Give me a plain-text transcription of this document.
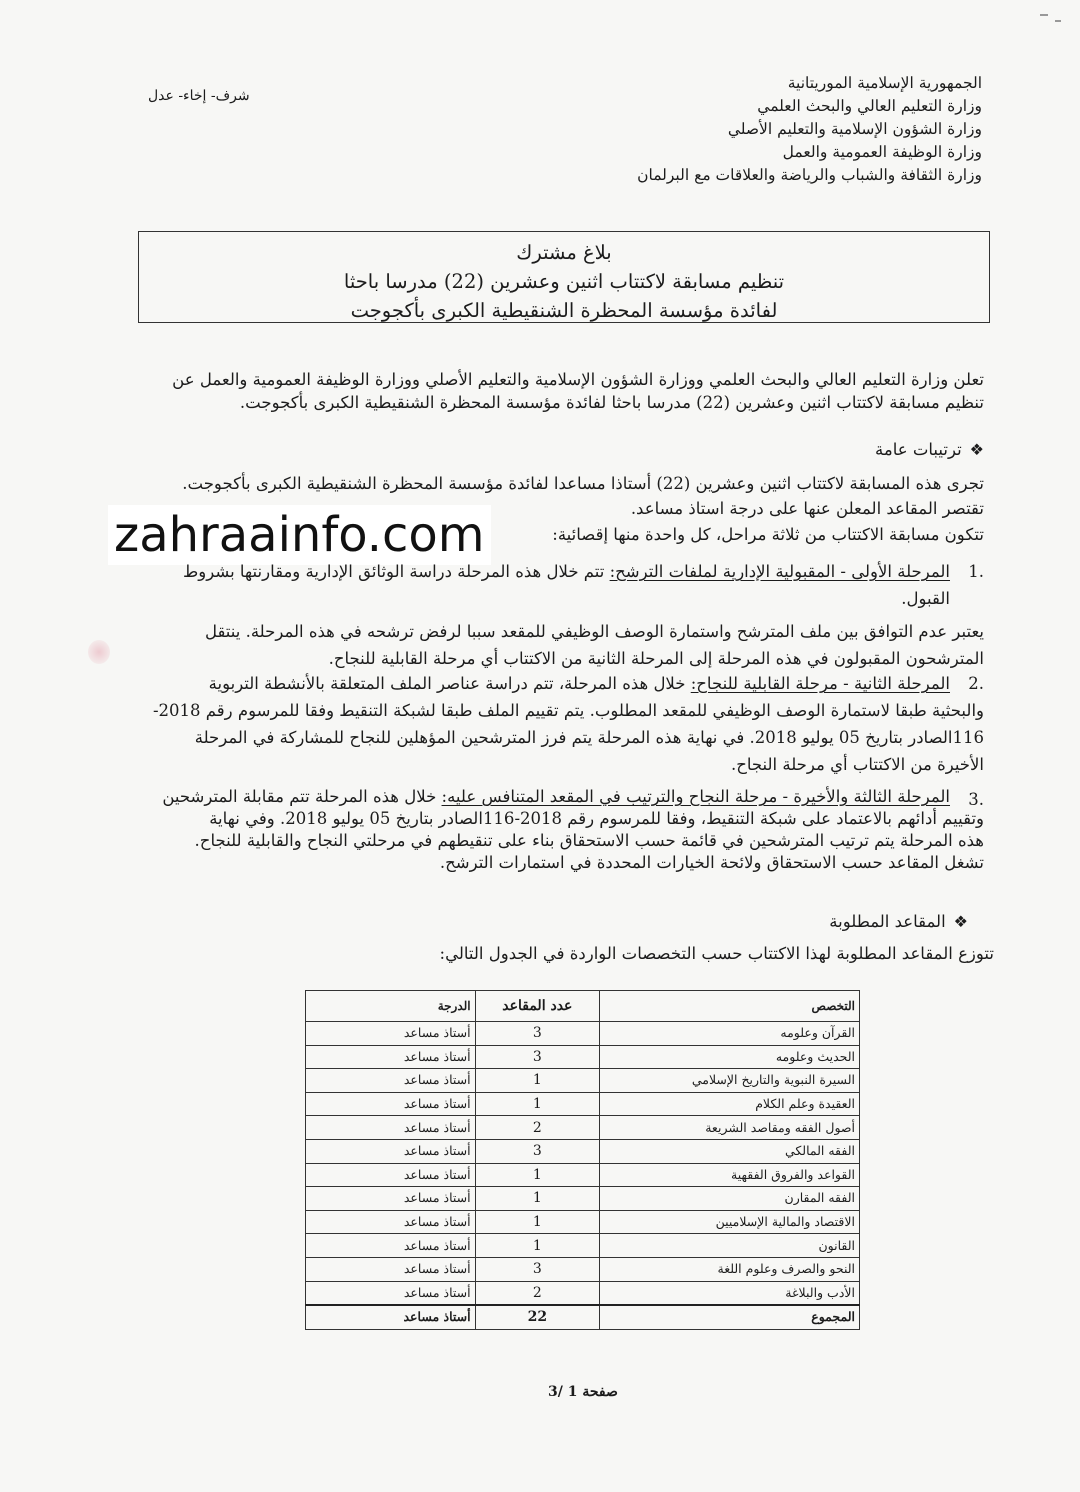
الجمهورية الإسلامية الموريتانية
وزارة التعليم العالي والبحث العلمي
وزارة الشؤون الإسلامية والتعليم الأصلي
وزارة الوظيفة العمومية والعمل
وزارة الثقافة والشباب والرياضة والعلاقات مع البرلمان
شرف- إخاء- عدل
بلاغ مشترك
تنظيم مسابقة لاكتتاب اثنين وعشرين (22) مدرسا باحثا
لفائدة مؤسسة المحظرة الشنقيطية الكبرى بأكجوجت
تعلن وزارة التعليم العالي والبحث العلمي ووزارة الشؤون الإسلامية والتعليم الأصلي ووزارة الوظيفة العمومية والعمل عن
تنظيم مسابقة لاكتتاب اثنين وعشرين (22) مدرسا باحثا لفائدة مؤسسة المحظرة الشنقيطية الكبرى بأكجوجت.
❖
ترتيبات عامة
تجرى هذه المسابقة لاكتتاب اثنين وعشرين (22) أستاذا مساعدا لفائدة مؤسسة المحظرة الشنقيطية الكبرى بأكجوجت.
تقتصر المقاعد المعلن عنها على درجة استاذ مساعد.
تتكون مسابقة الاكتتاب من ثلاثة مراحل، كل واحدة منها إقصائية:
zahraainfo.com
1.
المرحلة الأولى - المقبولية الإدارية لملفات الترشح: تتم خلال هذه المرحلة دراسة الوثائق الإدارية ومقارنتها بشروط
القبول.
يعتبر عدم التوافق بين ملف المترشح واستمارة الوصف الوظيفي للمقعد سببا لرفض ترشحه في هذه المرحلة. ينتقل
المترشحون المقبولون في هذه المرحلة إلى المرحلة الثانية من الاكتتاب أي مرحلة القابلية للنجاح.
2.
المرحلة الثانية - مرحلة القابلية للنجاح: خلال هذه المرحلة، تتم دراسة عناصر الملف المتعلقة بالأنشطة التربوية
والبحثية طبقا لاستمارة الوصف الوظيفي للمقعد المطلوب. يتم تقييم الملف طبقا لشبكة التنقيط وفقا للمرسوم رقم 2018-
116الصادر بتاريخ 05 يوليو 2018. في نهاية هذه المرحلة يتم فرز المترشحين المؤهلين للنجاح للمشاركة في المرحلة
الأخيرة من الاكتتاب أي مرحلة النجاح.
3.
المرحلة الثالثة والأخيرة - مرحلة النجاح والترتيب في المقعد المتنافس عليه: خلال هذه المرحلة تتم مقابلة المترشحين
وتقييم أدائهم بالاعتماد على شبكة التنقيط، وفقا للمرسوم رقم 2018-116الصادر بتاريخ 05 يوليو 2018. وفي نهاية
هذه المرحلة يتم ترتيب المترشحين في قائمة حسب الاستحقاق بناء على تنقيطهم في مرحلتي النجاح والقابلية للنجاح.
تشغل المقاعد حسب الاستحقاق ولائحة الخيارات المحددة في استمارات الترشح.
❖
المقاعد المطلوبة
تتوزع المقاعد المطلوبة لهذا الاكتتاب حسب التخصصات الواردة في الجدول التالي:
التخصص	عدد المقاعد	الدرجة
القرآن وعلومه	3	أستاذ مساعد
الحديث وعلومه	3	أستاذ مساعد
السيرة النبوية والتاريخ الإسلامي	1	أستاذ مساعد
العقيدة وعلم الكلام	1	أستاذ مساعد
أصول الفقه ومقاصد الشريعة	2	أستاذ مساعد
الفقه المالكي	3	أستاذ مساعد
القواعد والفروق الفقهية	1	أستاذ مساعد
الفقه المقارن	1	أستاذ مساعد
الاقتصاد والمالية الإسلاميين	1	أستاذ مساعد
القانون	1	أستاذ مساعد
النحو والصرف وعلوم اللغة	3	أستاذ مساعد
الأدب والبلاغة	2	أستاذ مساعد
المجموع	22	أستاذ مساعد
صفحة 1 /3
